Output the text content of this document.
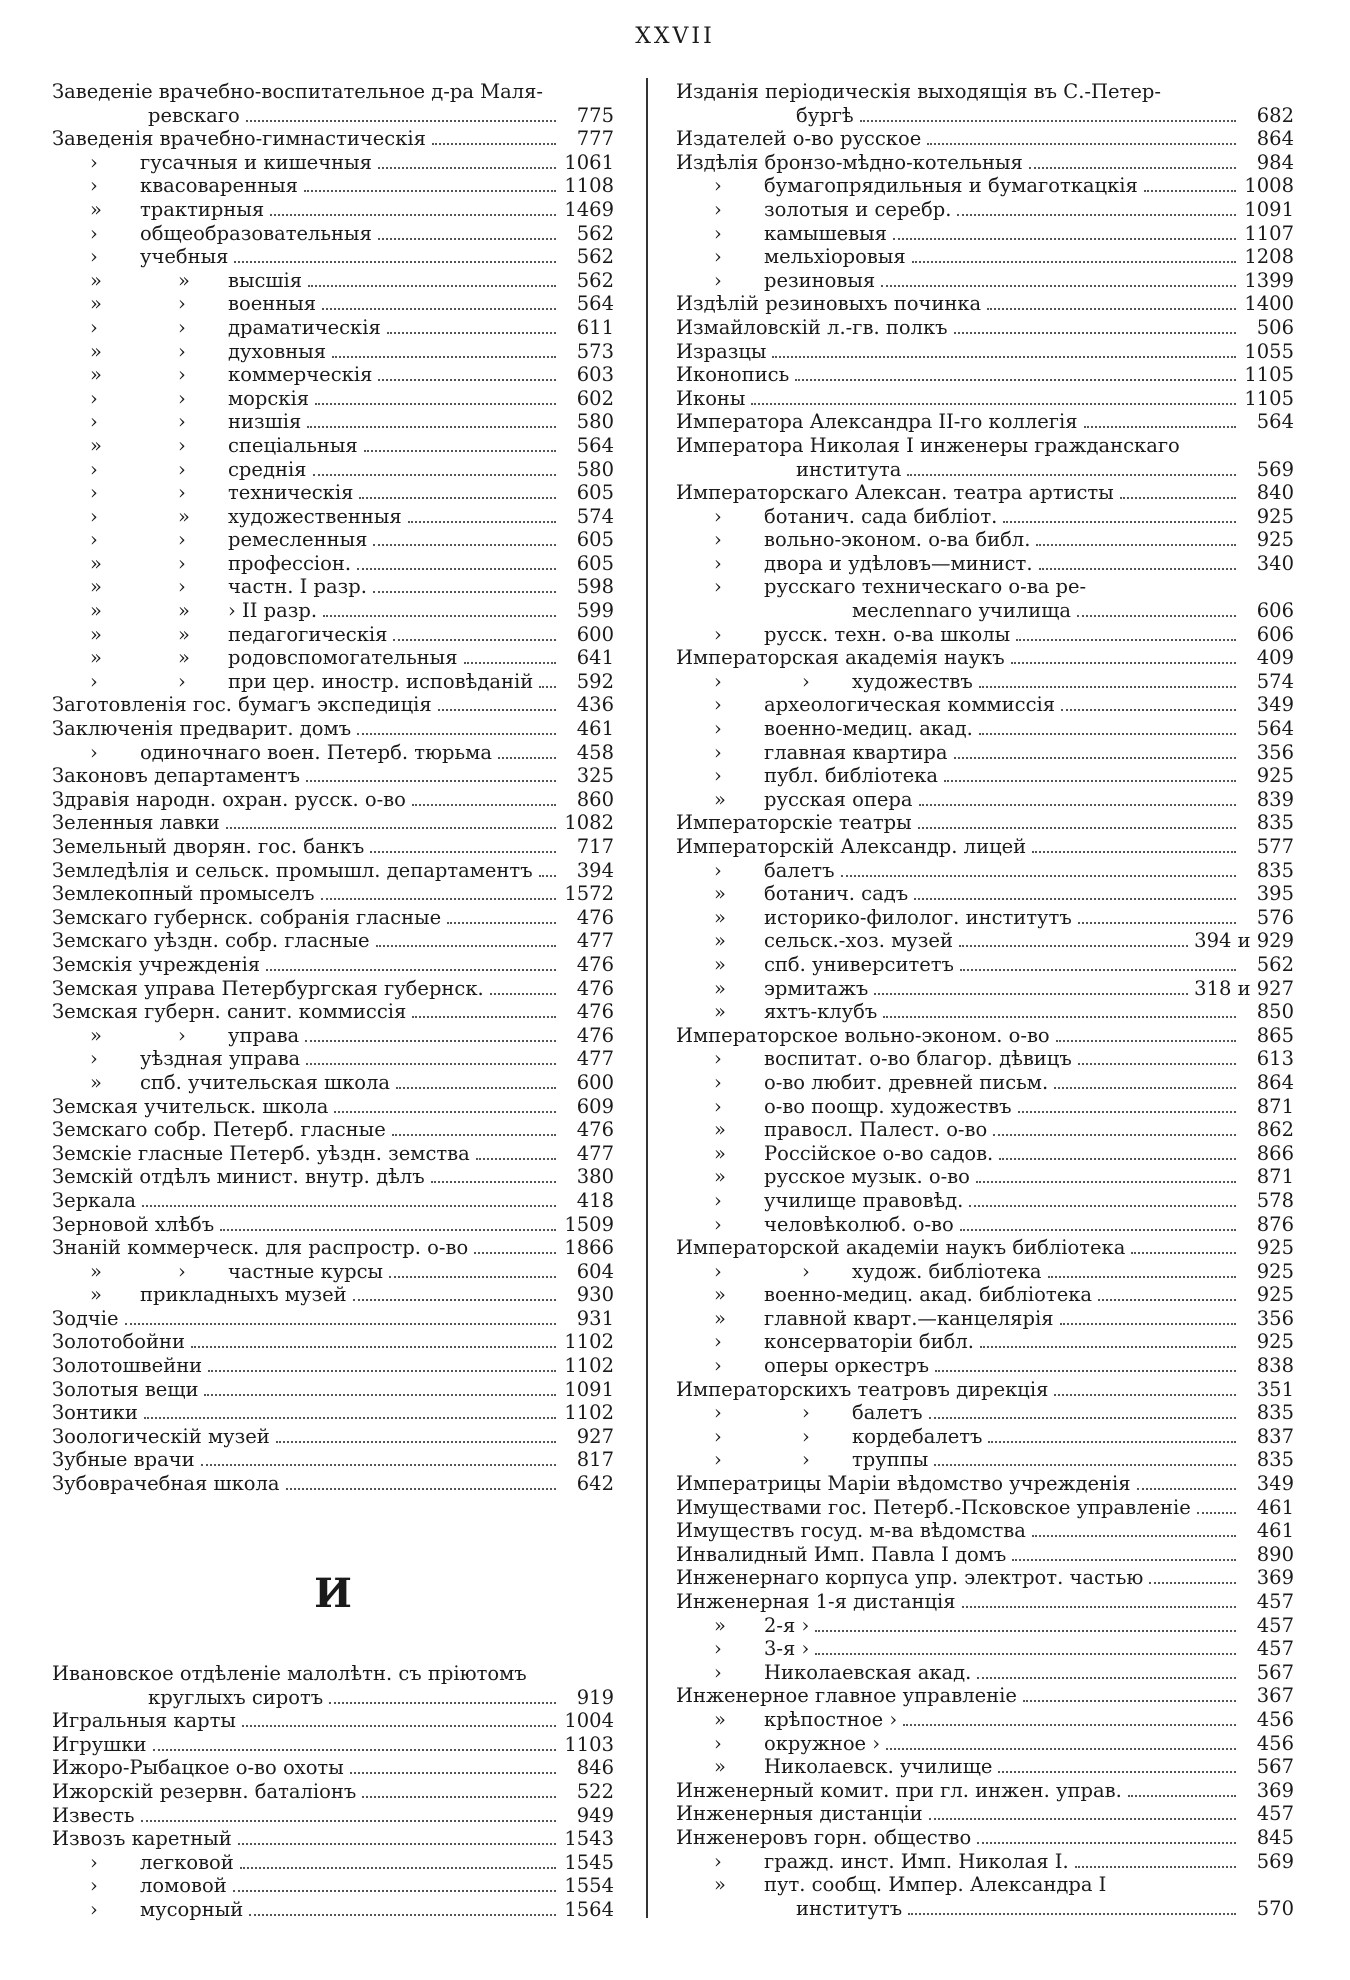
XXVII
Заведеніе врачебно-воспитательное д-ра Маля-
ревскаго	775
Заведенія врачебно-гимнастическія	777
›	гусачныя и кишечныя	1061
›	квасоваренныя	1108
»	трактирныя	1469
›	общеобразовательныя	562
›	учебныя	562
»	»	высшія	562
»	›	военныя	564
›	›	драматическія	611
»	›	духовныя	573
»	›	коммерческія	603
›	›	морскія	602
›	›	низшія	580
»	›	спеціальныя	564
›	›	среднія	580
›	›	техническія	605
›	»	художественныя	574
›	›	ремесленныя	605
»	›	профессіон.	605
»	›	частн. I разр.	598
»	»	› II разр.	599
»	»	педагогическія	600
»	»	родовспомогательныя	641
›	›	при цер. иностр. исповѣданій	592
Заготовленія гос. бумагъ экспедиція	436
Заключенія предварит. домъ	461
›	одиночнаго воен. Петерб. тюрьма	458
Законовъ департаментъ	325
Здравія народн. охран. русск. о-во	860
Зеленныя лавки	1082
Земельный дворян. гос. банкъ	717
Земледѣлія и сельск. промышл. департаментъ	394
Землекопный промыселъ	1572
Земскаго губернск. собранія гласные	476
Земскаго уѣздн. собр. гласные	477
Земскія учрежденія	476
Земская управа Петербургская губернск.	476
Земская губерн. санит. коммиссія	476
»	›	управа	476
›	уѣздная управа	477
»	спб. учительская школа	600
Земская учительск. школа	609
Земскаго собр. Петерб. гласные	476
Земскіе гласные Петерб. уѣздн. земства	477
Земскій отдѣлъ минист. внутр. дѣлъ	380
Зеркала	418
Зерновой хлѣбъ	1509
Знаній коммерческ. для распростр. о-во	1866
»	›	частные курсы	604
»	прикладныхъ музей	930
Зодчіе	931
Золотобойни	1102
Золотошвейни	1102
Золотыя вещи	1091
Зонтики	1102
Зоологическій музей	927
Зубные врачи	817
Зубоврачебная школа	642
И
Ивановское отдѣленіе малолѣтн. съ пріютомъ
круглыхъ сиротъ	919
Игральныя карты	1004
Игрушки	1103
Ижоро-Рыбацкое о-во охоты	846
Ижорскій резервн. баталіонъ	522
Известь	949
Извозъ каретный	1543
›	легковой	1545
›	ломовой	1554
›	мусорный	1564
Изданія періодическія выходящія въ С.-Петер-
бургѣ	682
Издателей о-во русское	864
Издѣлія бронзо-мѣдно-котельныя	984
›	бумагопрядильныя и бумаготкацкія	1008
›	золотыя и серебр.	1091
›	камышевыя	1107
›	мельхіоровыя	1208
›	резиновыя	1399
Издѣлій резиновыхъ починка	1400
Измайловскій л.-гв. полкъ	506
Изразцы	1055
Иконопись	1105
Иконы	1105
Императора Александра II-го коллегія	564
Императора Николая I инженеры гражданскаго
института	569
Императорскаго Алексан. театра артисты	840
›	ботанич. сада библіот.	925
›	вольно-эконом. о-ва библ.	925
›	двора и удѣловъ—минист.	340
›	русскаго техническаго о-ва ре-
меслennаго училища	606
›	русск. техн. о-ва школы	606
Императорская академія наукъ	409
›	›	художествъ	574
›	археологическая коммиссія	349
›	военно-медиц. акад.	564
›	главная квартира	356
›	публ. библіотека	925
»	русская опера	839
Императорскіе театры	835
Императорскій Александр. лицей	577
›	балетъ	835
»	ботанич. садъ	395
»	историко-филолог. институтъ	576
»	сельск.-хоз. музей	394 и 929
»	спб. университетъ	562
»	эрмитажъ	318 и 927
»	яхтъ-клубъ	850
Императорское вольно-эконом. о-во	865
›	воспитат. о-во благор. дѣвицъ	613
›	о-во любит. древней письм.	864
›	о-во поощр. художествъ	871
»	правосл. Палест. о-во	862
»	Россійское о-во садов.	866
»	русское музык. о-во	871
›	училище правовѣд.	578
›	человѣколюб. о-во	876
Императорской академіи наукъ библіотека	925
›	›	худож. библіотека	925
»	военно-медиц. акад. библіотека	925
»	главной кварт.—канцелярія	356
›	консерваторіи библ.	925
›	оперы оркестръ	838
Императорскихъ театровъ дирекція	351
›	›	балетъ	835
›	›	кордебалетъ	837
›	›	труппы	835
Императрицы Маріи вѣдомство учрежденія	349
Имуществами гос. Петерб.-Псковское управленіе	461
Имуществъ госуд. м-ва вѣдомства	461
Инвалидный Имп. Павла I домъ	890
Инженернаго корпуса упр. электрот. частью	369
Инженерная 1-я дистанція	457
»	2-я ›	457
›	3-я ›	457
›	Николаевская акад.	567
Инженерное главное управленіе	367
»	крѣпостное ›	456
›	окружное ›	456
»	Николаевск. училище	567
Инженерный комит. при гл. инжен. управ.	369
Инженерныя дистанціи	457
Инженеровъ горн. общество	845
›	гражд. инст. Имп. Николая I.	569
»	пут. сообщ. Импер. Александра I
институтъ	570
